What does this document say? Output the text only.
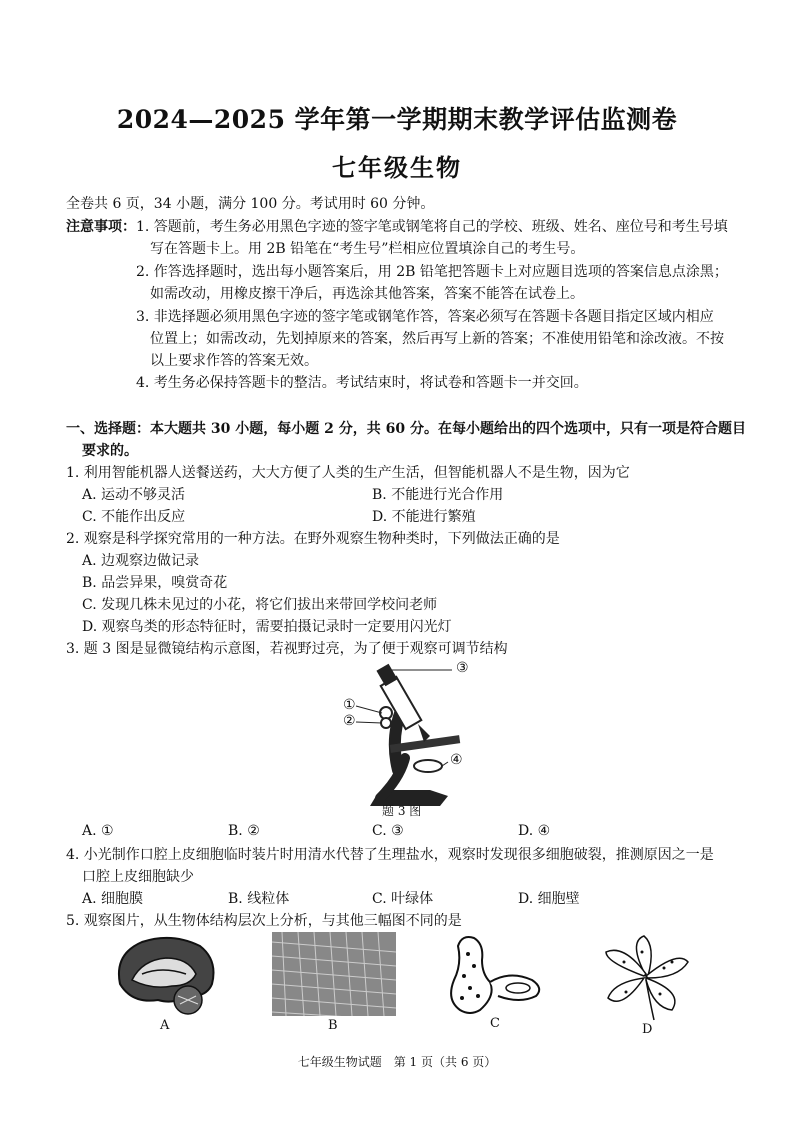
2024—2025 学年第一学期期末教学评估监测卷
七年级生物
全卷共 6 页，34 小题，满分 100 分。考试用时 60 分钟。
注意事项： 1. 答题前，考生务必用黑色字迹的签字笔或钢笔将自己的学校、班级、姓名、座位号和考生号填
写在答题卡上。用 2B 铅笔在“考生号”栏相应位置填涂自己的考生号。
2. 作答选择题时，选出每小题答案后，用 2B 铅笔把答题卡上对应题目选项的答案信息点涂黑；
如需改动，用橡皮擦干净后，再选涂其他答案，答案不能答在试卷上。
3. 非选择题必须用黑色字迹的签字笔或钢笔作答，答案必须写在答题卡各题目指定区域内相应
位置上；如需改动，先划掉原来的答案，然后再写上新的答案；不准使用铅笔和涂改液。不按
以上要求作答的答案无效。
4. 考生务必保持答题卡的整洁。考试结束时，将试卷和答题卡一并交回。
一、选择题：本大题共 30 小题，每小题 2 分，共 60 分。在每小题给出的四个选项中，只有一项是符合题目
要求的。
1. 利用智能机器人送餐送药，大大方便了人类的生产生活，但智能机器人不是生物，因为它
A. 运动不够灵活	B. 不能进行光合作用
C. 不能作出反应	D. 不能进行繁殖
2. 观察是科学探究常用的一种方法。在野外观察生物种类时，下列做法正确的是
A. 边观察边做记录
B. 品尝异果，嗅赏奇花
C. 发现几株未见过的小花，将它们拔出来带回学校问老师
D. 观察鸟类的形态特征时，需要拍摄记录时一定要用闪光灯
3. 题 3 图是显微镜结构示意图，若视野过亮，为了便于观察可调节结构
③
①
②
④
题 3 图
A. ①	B. ②	C. ③	D. ④
4. 小光制作口腔上皮细胞临时装片时用清水代替了生理盐水，观察时发现很多细胞破裂，推测原因之一是
口腔上皮细胞缺少
A. 细胞膜	B. 线粒体	C. 叶绿体	D. 细胞壁
5. 观察图片，从生物体结构层次上分析，与其他三幅图不同的是
A	B	C	D
七年级生物试题　第 1 页（共 6 页）
